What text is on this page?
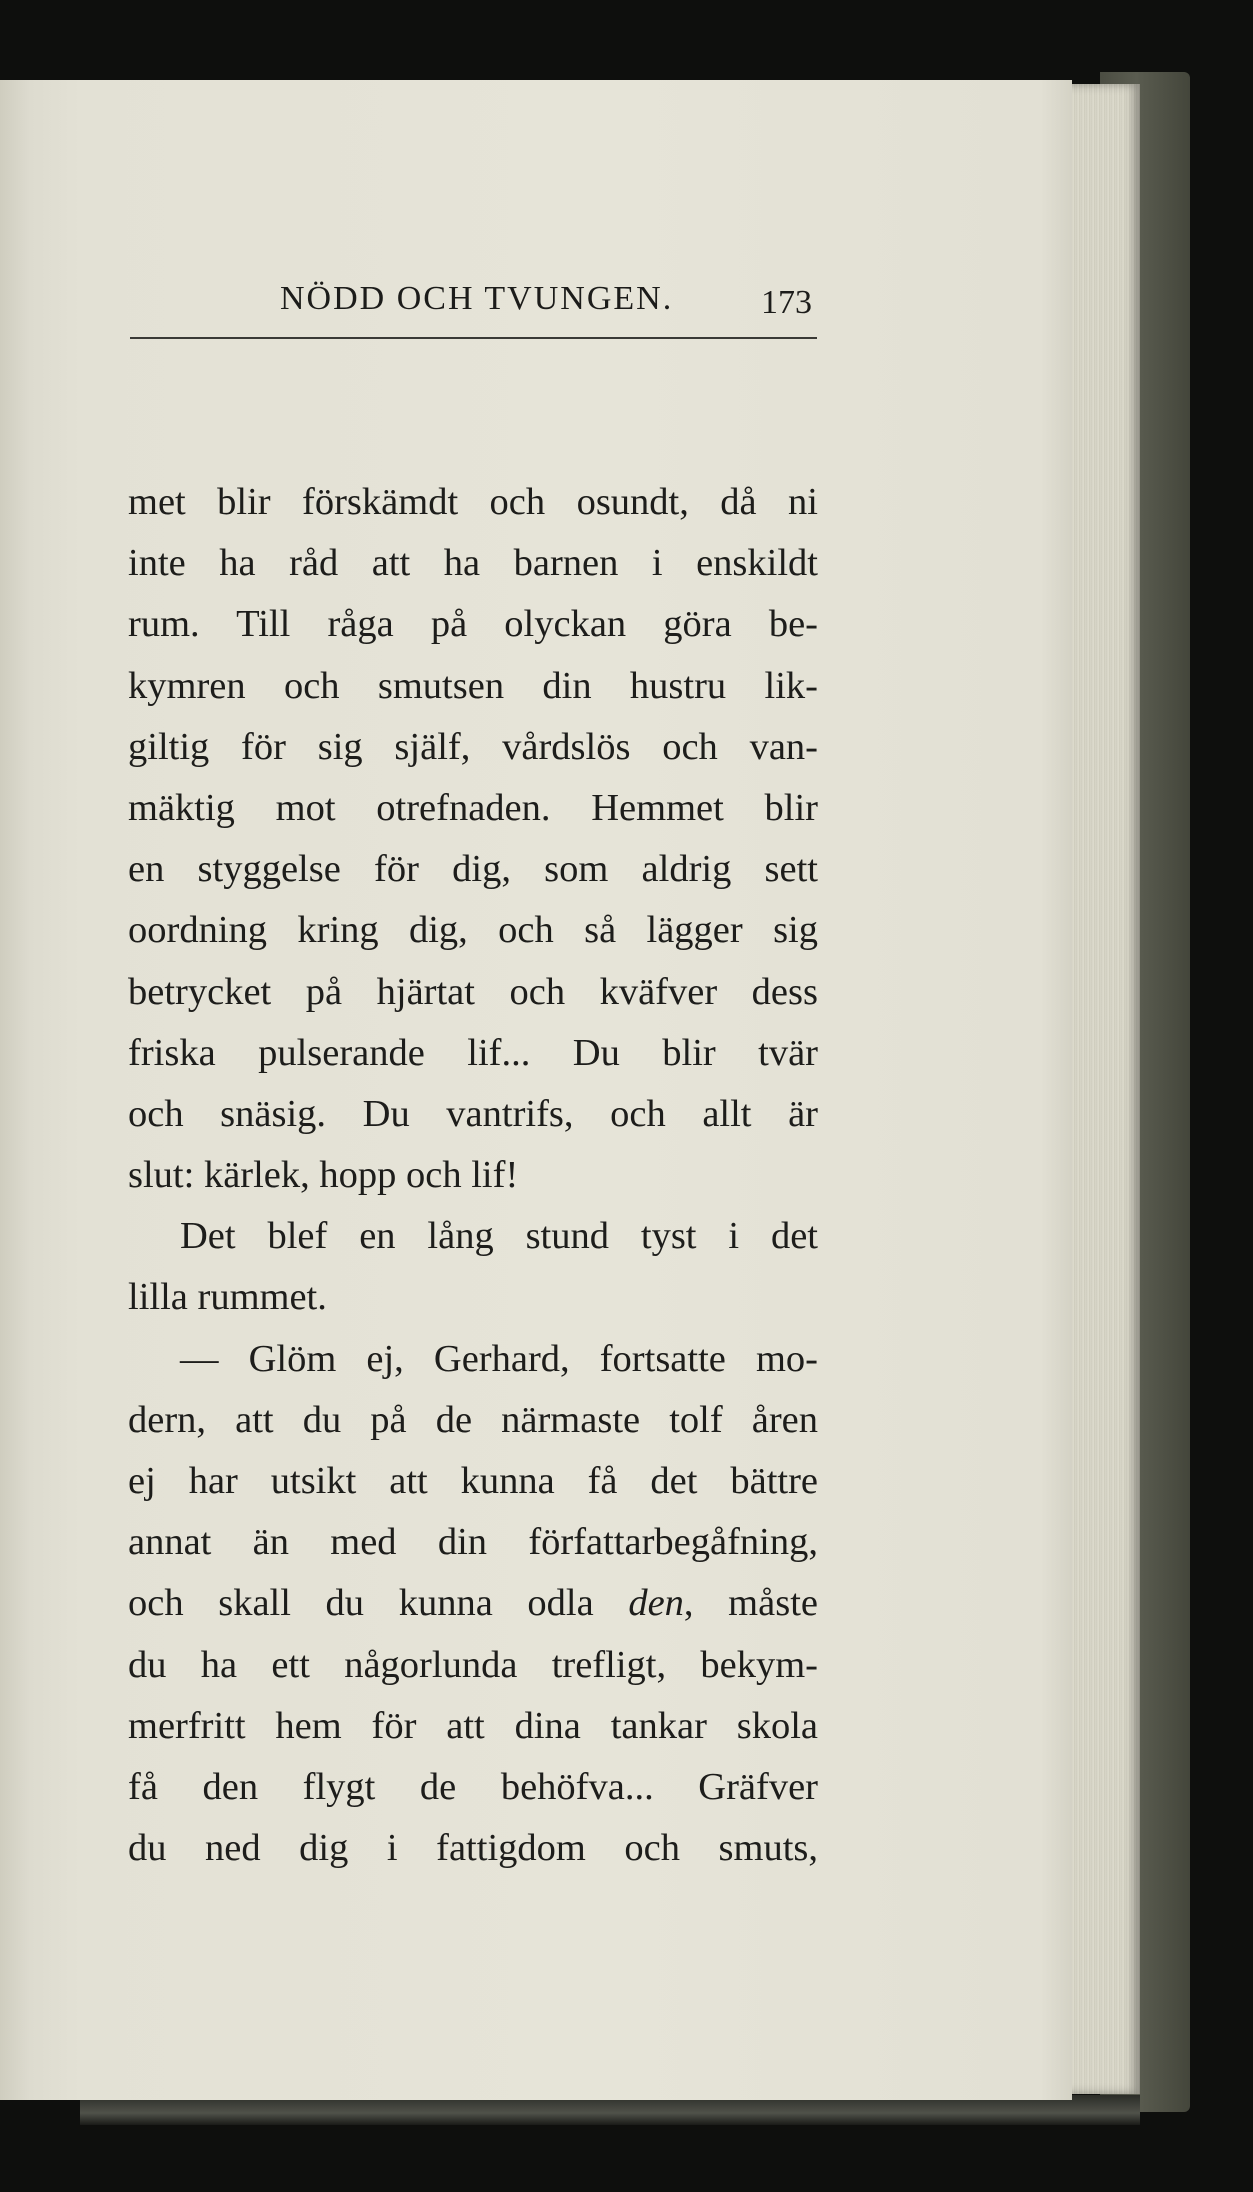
NÖDD OCH TVUNGEN.	173
met blir förskämdt och osundt, då ni
inte ha råd att ha barnen i enskildt
rum. Till råga på olyckan göra be-
kymren och smutsen din hustru lik-
giltig för sig själf, vårdslös och van-
mäktig mot otrefnaden. Hemmet blir
en styggelse för dig, som aldrig sett
oordning kring dig, och så lägger sig
betrycket på hjärtat och kväfver dess
friska pulserande lif... Du blir tvär
och snäsig. Du vantrifs, och allt är
slut: kärlek, hopp och lif!
Det blef en lång stund tyst i det
lilla rummet.
— Glöm ej, Gerhard, fortsatte mo-
dern, att du på de närmaste tolf åren
ej har utsikt att kunna få det bättre
annat än med din författarbegåfning,
och skall du kunna odla den, måste
du ha ett någorlunda trefligt, bekym-
merfritt hem för att dina tankar skola
få den flygt de behöfva... Gräfver
du ned dig i fattigdom och smuts,
